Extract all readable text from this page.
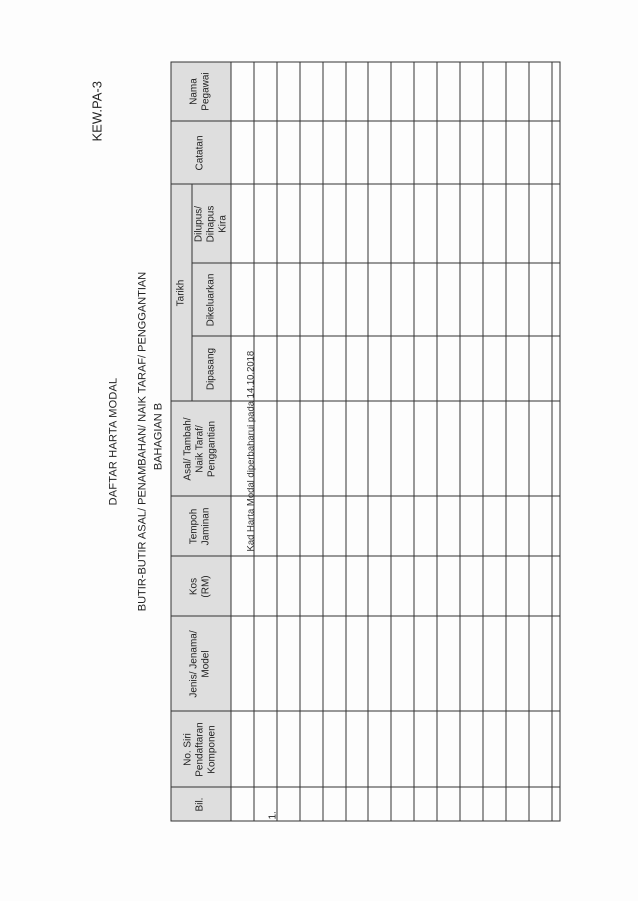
KEW.PA-3
DAFTAR HARTA MODAL BUTIR-BUTIR ASAL/ PENAMBAHAN/ NAIK TARAF/ PENGGANTIAN BAHAGIAN B
Bil.
No. Siri
Pendaftaran
Komponen
Jenis/ Jenama/
Model
Kos
(RM)
Tempoh
Jaminan
Asal/ Tambah/
Naik Taraf/
Penggantian
Tarikh
Dipasang
Dikeluarkan
Dilupus/
Dihapus
Kira
Catatan
Nama
Pegawai
1.
Kad Harta Modal diperbaharui pada 14.10.2018
